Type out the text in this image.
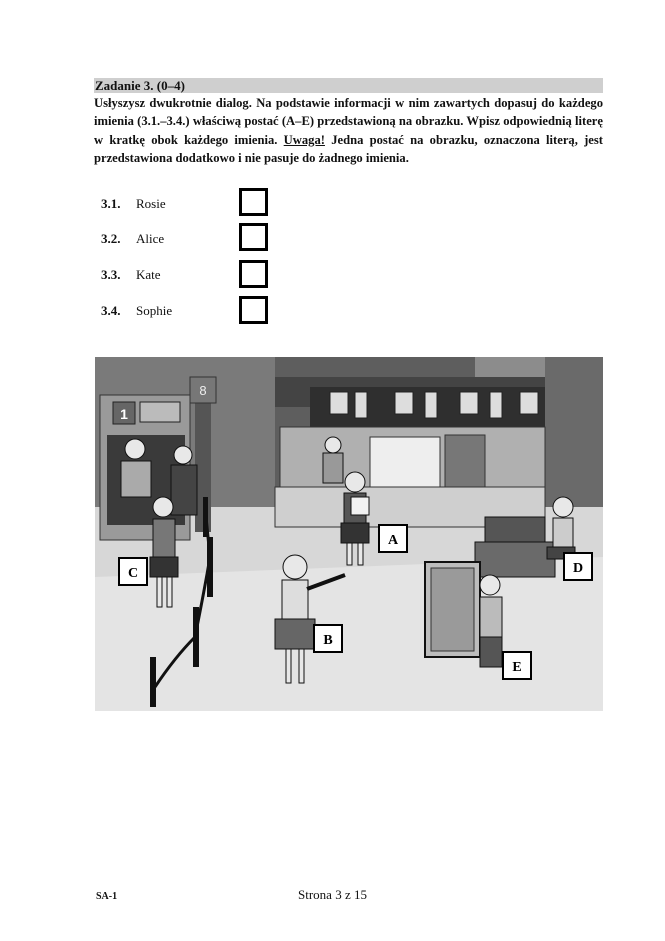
Zadanie 3. (0–4)
Usłyszysz dwukrotnie dialog. Na podstawie informacji w nim zawartych dopasuj do każdego imienia (3.1.–3.4.) właściwą postać (A–E) przedstawioną na obrazku. Wpisz odpowiednią literę w kratkę obok każdego imienia. Uwaga! Jedna postać na obrazku, oznaczona literą, jest przedstawiona dodatkowo i nie pasuje do żadnego imienia.
3.1. Rosie
3.2. Alice
3.3. Kate
3.4. Sophie
8
1
A
B
C	D
E
SA-1	Strona 3 z 15
